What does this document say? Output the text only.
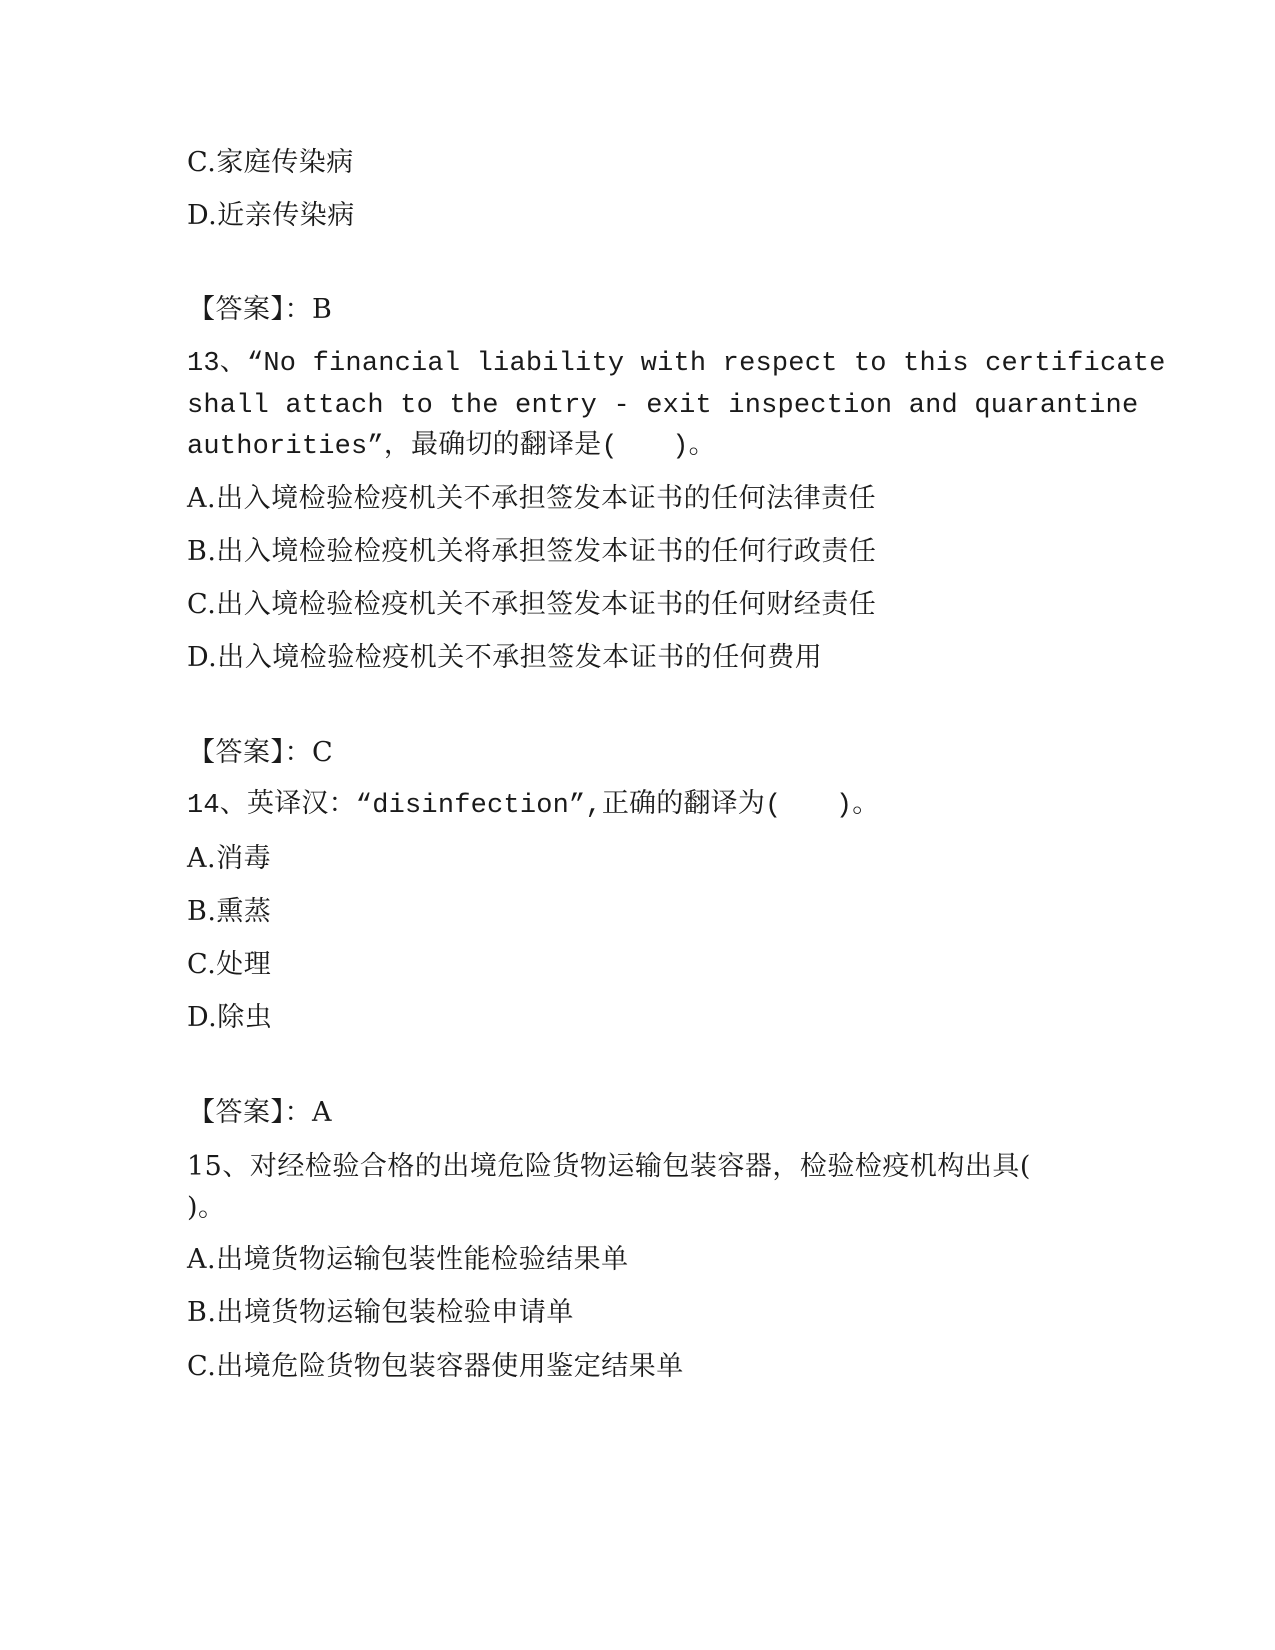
C.家庭传染病
D.近亲传染病
【答案】：B
13、“No financial liability with respect to this certificate
shall attach to the entry - exit inspection and quarantine
authorities”，最确切的翻译是(　　)。
A.出入境检验检疫机关不承担签发本证书的任何法律责任
B.出入境检验检疫机关将承担签发本证书的任何行政责任
C.出入境检验检疫机关不承担签发本证书的任何财经责任
D.出入境检验检疫机关不承担签发本证书的任何费用
【答案】：C
14、英译汉：“disinfection”,正确的翻译为(　　)。
A.消毒
B.熏蒸
C.处理
D.除虫
【答案】：A
15、对经检验合格的出境危险货物运输包装容器，检验检疫机构出具(
)。
A.出境货物运输包装性能检验结果单
B.出境货物运输包装检验申请单
C.出境危险货物包装容器使用鉴定结果单
